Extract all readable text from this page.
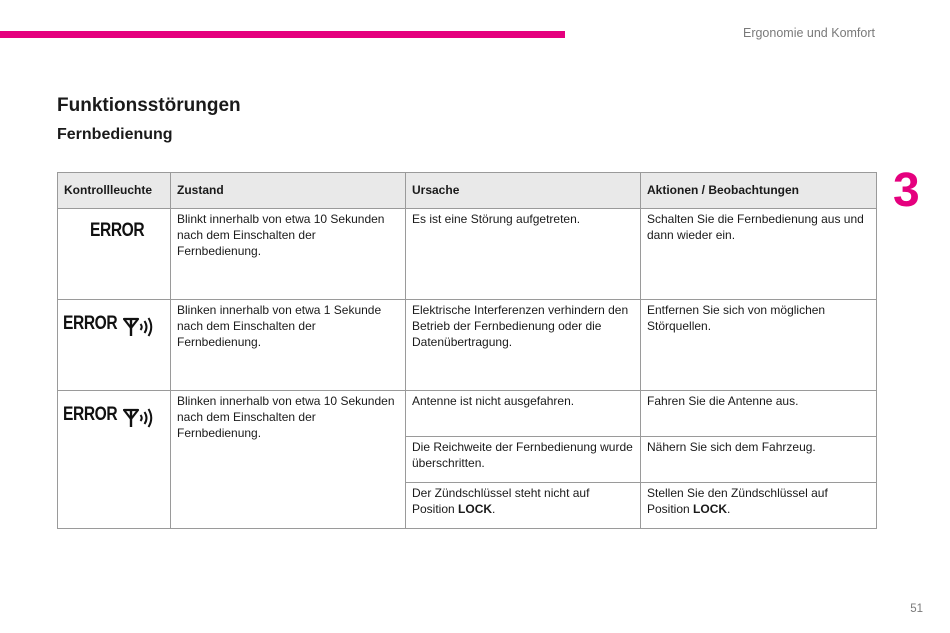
Ergonomie und Komfort
Funktionsstörungen
Fernbedienung
3
Kontrollleuchte	Zustand	Ursache	Aktionen / Beobachtungen

ERROR	Blinkt innerhalb von etwa 10 Sekunden nach dem Einschalten der Fernbedienung.	Es ist eine Störung aufgetreten.	Schalten Sie die Fernbedienung aus und dann wieder ein.

ERROR	Blinken innerhalb von etwa 1 Sekunde nach dem Einschalten der Fernbedienung.	Elektrische Interferenzen verhindern den Betrieb der Fernbedienung oder die Datenübertragung.	Entfernen Sie sich von möglichen Störquellen.

ERROR	Blinken innerhalb von etwa 10 Sekunden nach dem Einschalten der Fernbedienung.	Antenne ist nicht ausgefahren.	Fahren Sie die Antenne aus.
		Die Reichweite der Fernbedienung wurde überschritten.	Nähern Sie sich dem Fahrzeug.
		Der Zündschlüssel steht nicht auf Position LOCK.	Stellen Sie den Zündschlüssel auf Position LOCK.
51
